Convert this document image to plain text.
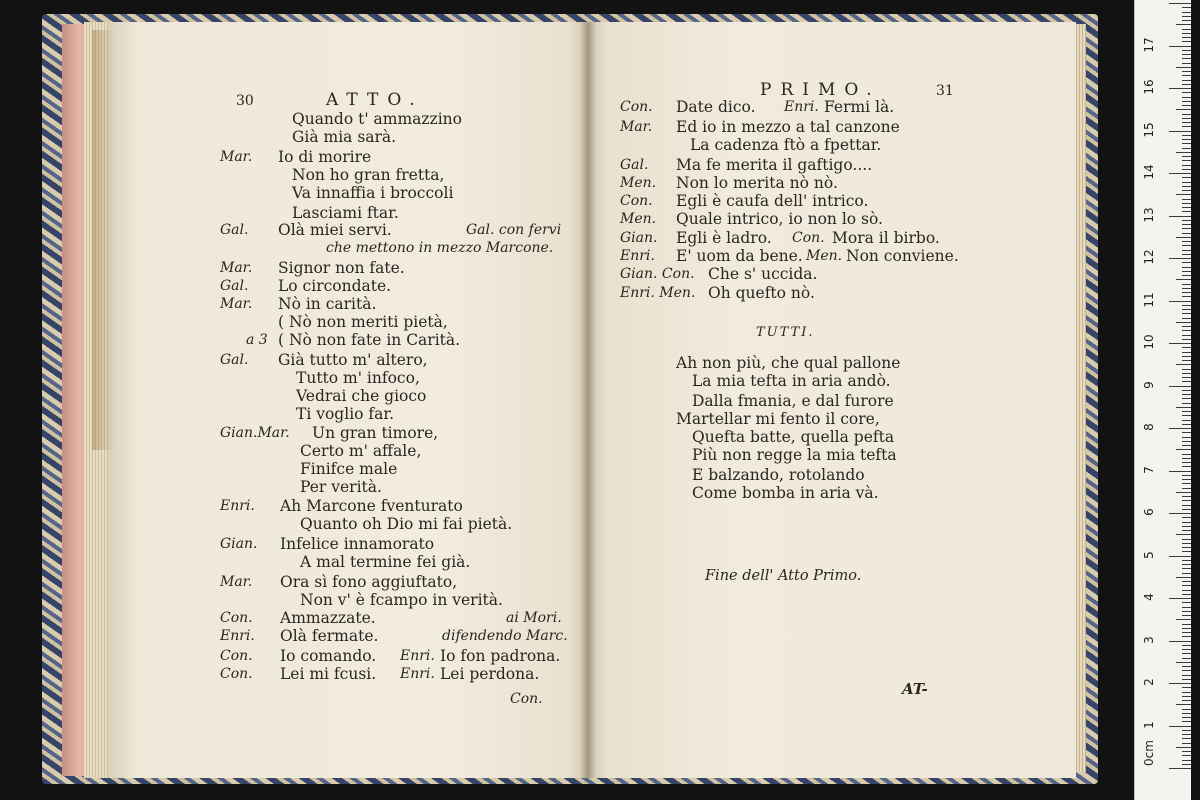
30	ATTO.
Quando t' ammazzino
Già mia sarà.
Mar. Io di morire
Non ho gran fretta,
Va innaffia i broccoli
Lasciami ftar.
Gal. Olà miei servi.	Gal. con fervi
che mettono in mezzo Marcone.
Mar. Signor non fate.
Gal. Lo circondate.
Mar. Nò in carità.
( Nò non meriti pietà,
a 3 ( Nò non fate in Carità.
Gal. Già tutto m' altero,
Tutto m' infoco,
Vedrai che gioco
Ti voglio far.
Gian.Mar. Un gran timore,
Certo m' affale,
Finifce male
Per verità.
Enri. Ah Marcone fventurato
Quanto oh Dio mi fai pietà.
Gian. Infelice innamorato
A mal termine fei già.
Mar. Ora sì fono aggiuftato,
Non v' è fcampo in verità.
Con. Ammazzate.	ai Mori.
Enri. Olà fermate.	difendendo Marc.
Con. Io comando. Enri. Io fon padrona.
Con. Lei mi fcusi. Enri. Lei perdona.
Con.
PRIMO.	31
Con. Date dico. Enri. Fermi là.
Mar. Ed io in mezzo a tal canzone
La cadenza ftò a fpettar.
Gal. Ma fe merita il gaftigo....
Men. Non lo merita nò nò.
Con. Egli è caufa dell' intrico.
Men. Quale intrico, io non lo sò.
Gian. Egli è ladro. Con. Mora il birbo.
Enri. E' uom da bene. Men. Non conviene.
Gian. Con. Che s' uccida.
Enri. Men. Oh quefto nò.
TUTTI.
Ah non più, che qual pallone
La mia tefta in aria andò.
Dalla fmania, e dal furore
Martellar mi fento il core,
Quefta batte, quella pefta
Più non regge la mia tefta
E balzando, rotolando
Come bomba in aria và.
Fine dell' Atto Primo.
AT-
0cm
1
2
3
4
5
6
7
8
9
10
11
12
13
14
15
16
17
